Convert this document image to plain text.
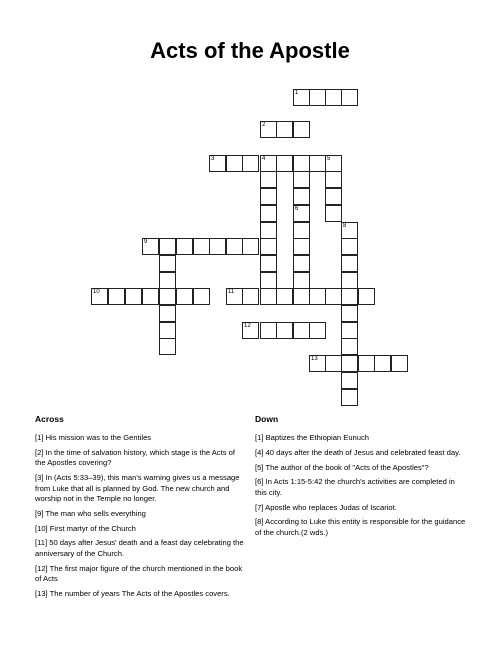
Acts of the Apostle
1
2
3	4	5
6
8
9
10	11
12
13
Across	Down

[1] His mission was to the Gentiles

[2] In the time of salvation history, which stage is the Acts of the Apostles covering?

[3] In (Acts 5:33–39), this man's warning gives us a message from Luke that all is planned by God. The new church and worship not in the Temple no longer.

[9] The man who sells everything

[10] First martyr of the Church

[11] 50 days after Jesus' death and a feast day celebrating the anniversary of the Church.

[12] The first major figure of the church mentioned in the book of Acts

[13] The number of years The Acts of the Apostles covers.

[1] Baptizes the Ethiopian Eunuch

[4] 40 days after the death of Jesus and celebrated feast day.

[5] The author of the book of "Acts of the Apostles"?

[6] In Acts 1:15-5:42 the church's activities are completed in this city.

[7] Apostle who replaces Judas of Iscariot.

[8] According to Luke this entity is responsible for the guidance of the church.(2 wds.)
